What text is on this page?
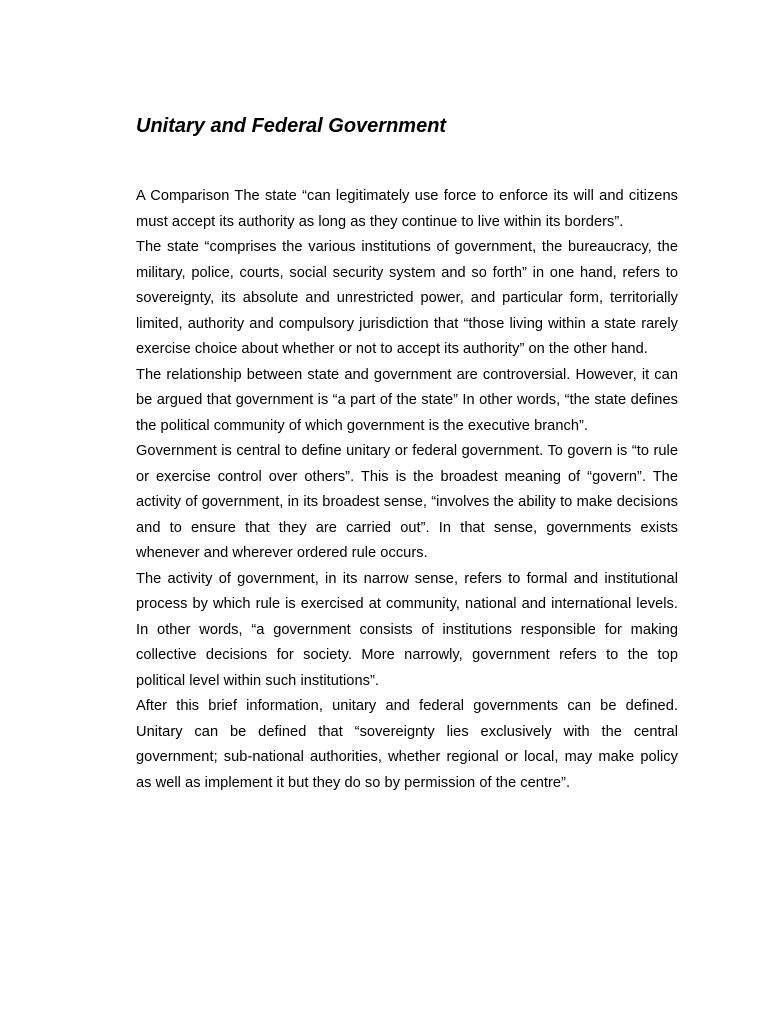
Unitary and Federal Government

A Comparison The state “can legitimately use force to enforce its will and citizens must accept its authority as long as they continue to live within its borders”.

The state “comprises the various institutions of government, the bureaucracy, the military, police, courts, social security system and so forth” in one hand, refers to sovereignty, its absolute and unrestricted power, and particular form, territorially limited, authority and compulsory jurisdiction that “those living within a state rarely exercise choice about whether or not to accept its authority” on the other hand.

The relationship between state and government are controversial. However, it can be argued that government is “a part of the state” In other words, “the state defines the political community of which government is the executive branch”.

Government is central to define unitary or federal government. To govern is “to rule or exercise control over others”. This is the broadest meaning of “govern”. The activity of government, in its broadest sense, “involves the ability to make decisions and to ensure that they are carried out”. In that sense, governments exists whenever and wherever ordered rule occurs.

The activity of government, in its narrow sense, refers to formal and institutional process by which rule is exercised at community, national and international levels. In other words, “a government consists of institutions responsible for making collective decisions for society. More narrowly, government refers to the top political level within such institutions”.

After this brief information, unitary and federal governments can be defined. Unitary can be defined that “sovereignty lies exclusively with the central government; sub-national authorities, whether regional or local, may make policy as well as implement it but they do so by permission of the centre”.
